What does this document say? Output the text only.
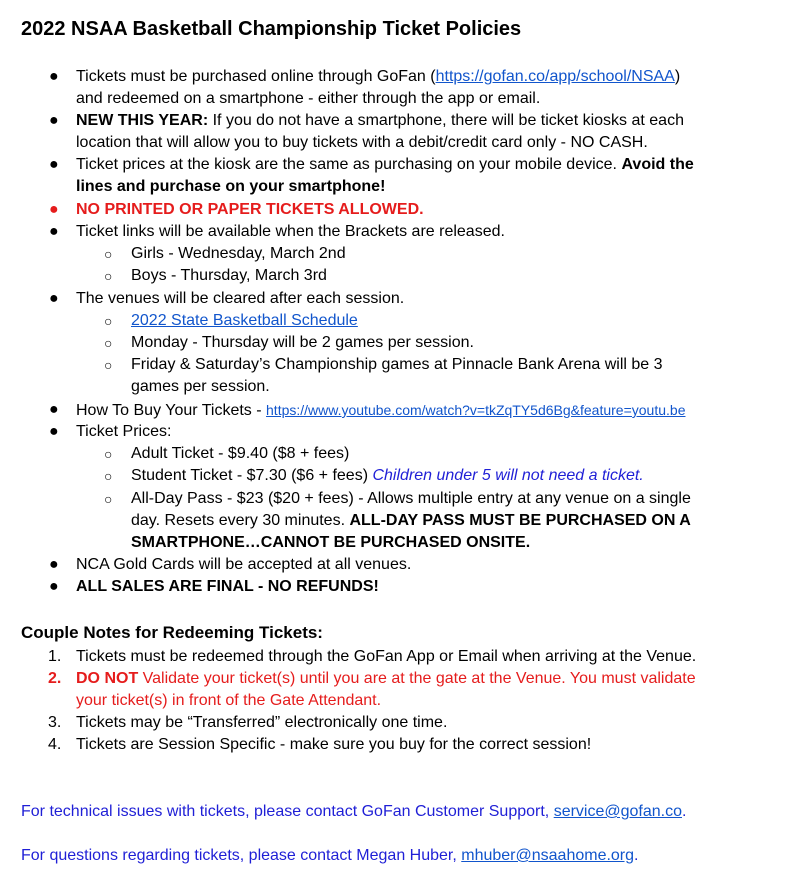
2022 NSAA Basketball Championship Ticket Policies
● Tickets must be purchased online through GoFan (https://gofan.co/app/school/NSAA)
and redeemed on a smartphone - either through the app or email.
● NEW THIS YEAR: If you do not have a smartphone, there will be ticket kiosks at each
location that will allow you to buy tickets with a debit/credit card only - NO CASH.
● Ticket prices at the kiosk are the same as purchasing on your mobile device. Avoid the
lines and purchase on your smartphone!
● NO PRINTED OR PAPER TICKETS ALLOWED.
● Ticket links will be available when the Brackets are released.
○ Girls - Wednesday, March 2nd
○ Boys - Thursday, March 3rd
● The venues will be cleared after each session.
○ 2022 State Basketball Schedule
○ Monday - Thursday will be 2 games per session.
○ Friday & Saturday’s Championship games at Pinnacle Bank Arena will be 3
games per session.
● How To Buy Your Tickets - https://www.youtube.com/watch?v=tkZqTY5d6Bg&feature=youtu.be
● Ticket Prices:
○ Adult Ticket - $9.40 ($8 + fees)
○ Student Ticket - $7.30 ($6 + fees) Children under 5 will not need a ticket.
○ All-Day Pass - $23 ($20 + fees) - Allows multiple entry at any venue on a single
day. Resets every 30 minutes. ALL-DAY PASS MUST BE PURCHASED ON A
SMARTPHONE…CANNOT BE PURCHASED ONSITE.
● NCA Gold Cards will be accepted at all venues.
● ALL SALES ARE FINAL - NO REFUNDS!
Couple Notes for Redeeming Tickets:
1. Tickets must be redeemed through the GoFan App or Email when arriving at the Venue.
2. DO NOT Validate your ticket(s) until you are at the gate at the Venue. You must validate
your ticket(s) in front of the Gate Attendant.
3. Tickets may be “Transferred” electronically one time.
4. Tickets are Session Specific - make sure you buy for the correct session!
For technical issues with tickets, please contact GoFan Customer Support, service@gofan.co.
For questions regarding tickets, please contact Megan Huber, mhuber@nsaahome.org.
